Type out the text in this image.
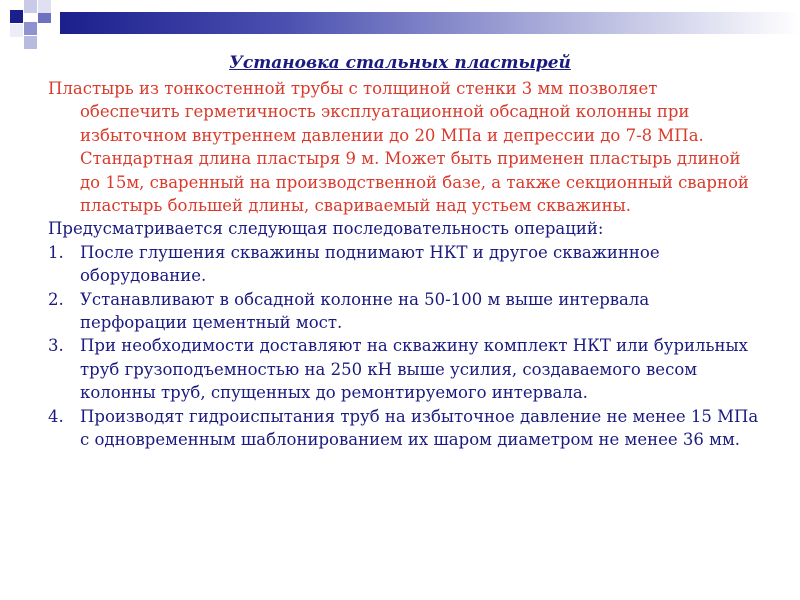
Установка стальных пластырей

Пластырь из тонкостенной трубы с толщиной стенки 3 мм позволяет обеспечить герметичность эксплуатационной обсадной колонны при избыточном внутреннем давлении до 20 МПа и депрессии до 7-8 МПа. Стандартная длина пластыря 9 м. Может быть применен пластырь длиной до 15м, сваренный на производственной базе, а также секционный сварной пластырь большей длины, свариваемый над устьем скважины.

Предусматривается следующая последовательность операций:

1. После глушения скважины поднимают НКТ и другое скважинное оборудование.
2. Устанавливают в обсадной колонне на 50-100 м выше интервала перфорации цементный мост.
3. При необходимости доставляют на скважину комплект НКТ или бурильных труб грузоподъемностью на 250 кН выше усилия, создаваемого весом колонны труб, спущенных до ремонтируемого интервала.
4. Производят гидроиспытания труб на избыточное давление не менее 15 МПа с одновременным шаблонированием их шаром диаметром не менее 36 мм.
